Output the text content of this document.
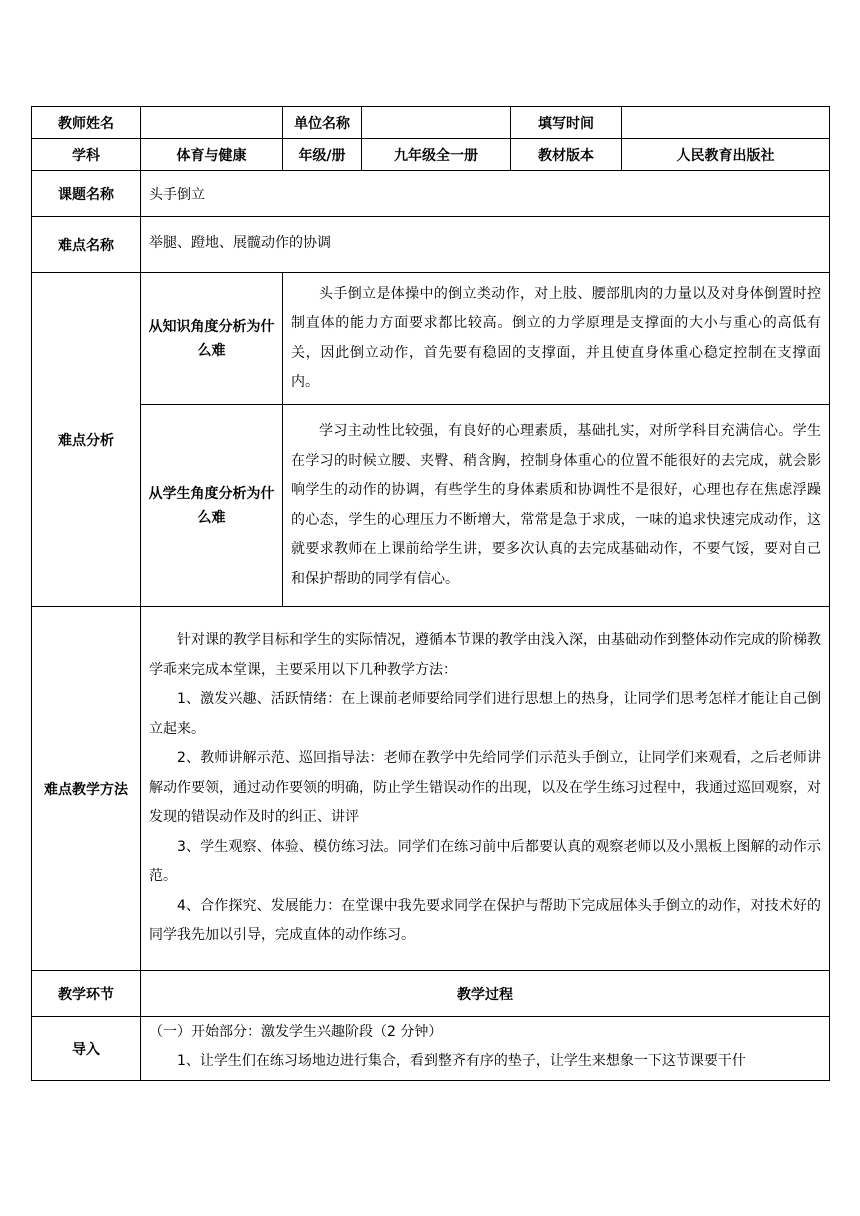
教师姓名		单位名称		填写时间	
学科	体育与健康	年级/册	九年级全一册	教材版本	人民教育出版社
课题名称	头手倒立				
难点名称	举腿、蹬地、展髋动作的协调				
难点分析	从知识角度分析为什么难	头手倒立是体操中的倒立类动作，对上肢、腰部肌肉的力量以及对身体倒置时控制直体的能力方面要求都比较高。倒立的力学原理是支撑面的大小与重心的高低有关，因此倒立动作，首先要有稳固的支撑面，并且使直身体重心稳定控制在支撑面内。			

	从学生角度分析为什么难	学习主动性比较强，有良好的心理素质，基础扎实，对所学科目充满信心。学生在学习的时候立腰、夹臀、稍含胸，控制身体重心的位置不能很好的去完成，就会影响学生的动作的协调，有些学生的身体素质和协调性不是很好，心理也存在焦虑浮躁的心态，学生的心理压力不断增大，常常是急于求成，一味的追求快速完成动作，这就要求教师在上课前给学生讲，要多次认真的去完成基础动作，不要气馁，要对自己和保护帮助的同学有信心。			

难点教学方法	针对课的教学目标和学生的实际情况，遵循本节课的教学由浅入深，由基础动作到整体动作完成的阶梯教学乖来完成本堂课，主要采用以下几种教学方法：

1、激发兴趣、活跃情绪：在上课前老师要给同学们进行思想上的热身，让同学们思考怎样才能让自己倒立起来。

2、教师讲解示范、巡回指导法：老师在教学中先给同学们示范头手倒立，让同学们来观看，之后老师讲解动作要领，通过动作要领的明确，防止学生错误动作的出现，以及在学生练习过程中，我通过巡回观察，对发现的错误动作及时的纠正、讲评

3、学生观察、体验、模仿练习法。同学们在练习前中后都要认真的观察老师以及小黑板上图解的动作示范。

4、合作探究、发展能力：在堂课中我先要求同学在保护与帮助下完成屈体头手倒立的动作，对技术好的同学我先加以引导，完成直体的动作练习。				

教学环节	教学过程				
导入	（一）开始部分：激发学生兴趣阶段（2 分钟）

1、让学生们在练习场地边进行集合，看到整齐有序的垫子，让学生来想象一下这节课要干什				
